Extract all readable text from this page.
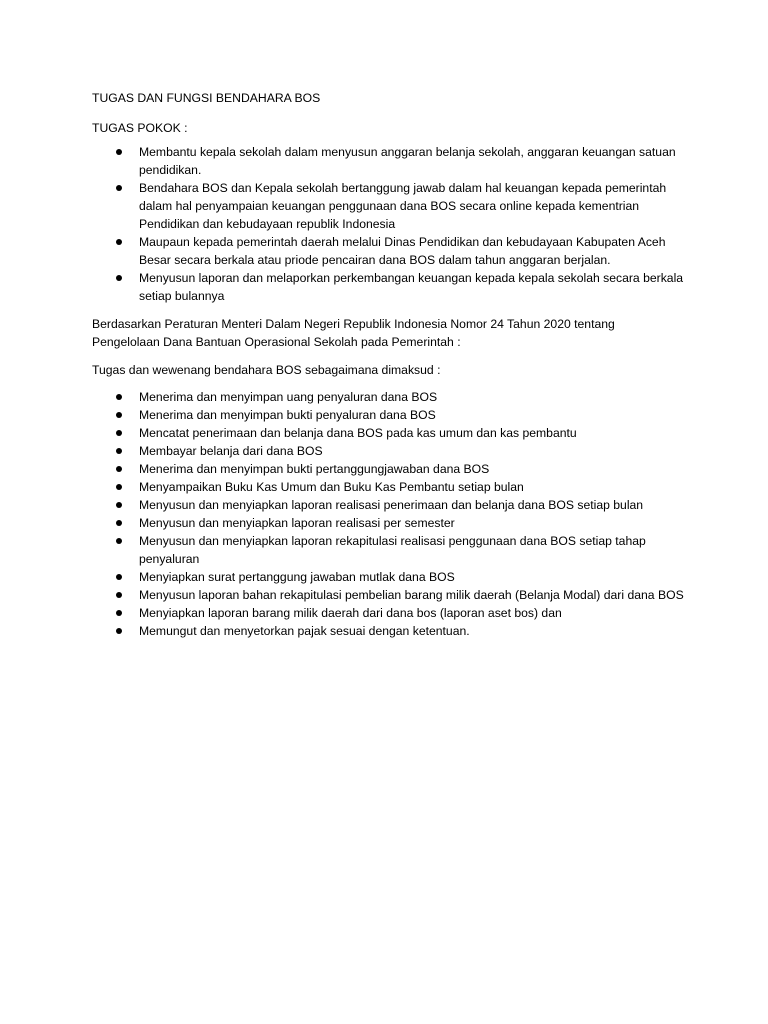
TUGAS DAN FUNGSI BENDAHARA BOS

TUGAS POKOK :

Membantu kepala sekolah dalam menyusun anggaran belanja sekolah, anggaran keuangan satuan pendidikan.
Bendahara BOS dan Kepala sekolah bertanggung jawab dalam hal keuangan kepada pemerintah dalam hal penyampaian keuangan penggunaan dana BOS secara online kepada kementrian Pendidikan dan kebudayaan republik Indonesia
Maupaun kepada pemerintah daerah melalui Dinas Pendidikan dan kebudayaan Kabupaten Aceh Besar secara berkala atau priode pencairan dana BOS dalam tahun anggaran berjalan.
Menyusun laporan dan melaporkan perkembangan keuangan kepada kepala sekolah secara berkala setiap bulannya

Berdasarkan Peraturan Menteri Dalam Negeri Republik Indonesia Nomor 24 Tahun 2020 tentang Pengelolaan Dana Bantuan Operasional Sekolah pada Pemerintah :

Tugas dan wewenang bendahara BOS sebagaimana dimaksud :

Menerima dan menyimpan uang penyaluran dana BOS
Menerima dan menyimpan bukti penyaluran dana BOS
Mencatat penerimaan dan belanja dana BOS pada kas umum dan kas pembantu
Membayar belanja dari dana BOS
Menerima dan menyimpan bukti pertanggungjawaban dana BOS
Menyampaikan Buku Kas Umum dan Buku Kas Pembantu setiap bulan
Menyusun dan menyiapkan laporan realisasi penerimaan dan belanja dana BOS setiap bulan
Menyusun dan menyiapkan laporan realisasi per semester
Menyusun dan menyiapkan laporan rekapitulasi realisasi penggunaan dana BOS setiap tahap penyaluran
Menyiapkan surat pertanggung jawaban mutlak dana BOS
Menyusun laporan bahan rekapitulasi pembelian barang milik daerah (Belanja Modal) dari dana BOS
Menyiapkan laporan barang milik daerah dari dana bos (laporan aset bos) dan
Memungut dan menyetorkan pajak sesuai dengan ketentuan.
